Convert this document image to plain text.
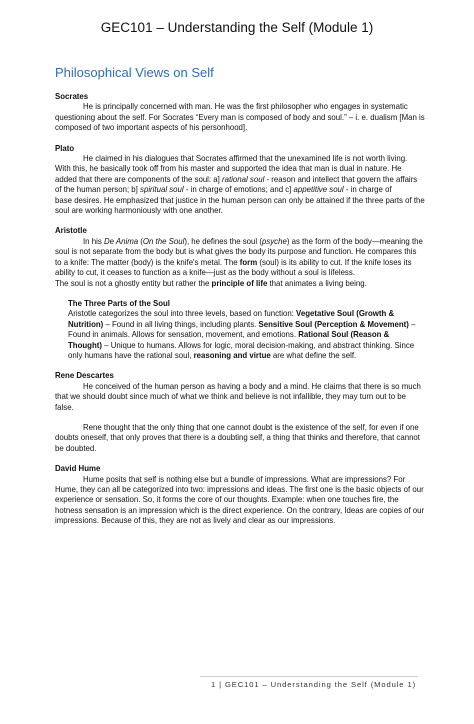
GEC101 – Understanding the Self (Module 1)
Philosophical Views on Self

Socrates

He is principally concerned with man. He was the first philosopher who engages in systematic questioning about the self. For Socrates “Every man is composed of body and soul.” – i. e. dualism [Man is composed of two important aspects of his personhood].

Plato

He claimed in his dialogues that Socrates affirmed that the unexamined life is not worth living. With this, he basically took off from his master and supported the idea that man is dual in nature. He added that there are components of the soul: a] rational soul - reason and intellect that govern the affairs of the human person; b] spiritual soul - in charge of emotions; and c] appetitive soul - in charge of

base desires. He emphasized that justice in the human person can only be attained if the three parts of the soul are working harmoniously with one another.

Aristotle

In his De Anima (On the Soul), he defines the soul (psyche) as the form of the body—meaning the soul is not separate from the body but is what gives the body its purpose and function. He compares this to a knife: The matter (body) is the knife's metal. The form (soul) is its ability to cut. If the knife loses its ability to cut, it ceases to function as a knife—just as the body without a soul is lifeless.

The soul is not a ghostly entity but rather the principle of life that animates a living being.

The Three Parts of the Soul

Aristotle categorizes the soul into three levels, based on function: Vegetative Soul (Growth & Nutrition) – Found in all living things, including plants. Sensitive Soul (Perception & Movement) – Found in animals. Allows for sensation, movement, and emotions. Rational Soul (Reason & Thought) – Unique to humans. Allows for logic, moral decision-making, and abstract thinking. Since only humans have the rational soul, reasoning and virtue are what define the self.

Rene Descartes

He conceived of the human person as having a body and a mind. He claims that there is so much that we should doubt since much of what we think and believe is not infallible, they may turn out to be false.

Rene thought that the only thing that one cannot doubt is the existence of the self, for even if one doubts oneself, that only proves that there is a doubting self, a thing that thinks and therefore, that cannot be doubted.

David Hume

Hume posits that self is nothing else but a bundle of impressions. What are impressions? For Hume, they can all be categorized into two: impressions and ideas. The first one is the basic objects of our experience or sensation. So, it forms the core of our thoughts. Example: when one touches fire, the hotness sensation is an impression which is the direct experience. On the contrary, Ideas are copies of our impressions. Because of this, they are not as lively and clear as our impressions.

1 | GEC101 – Understanding the Self (Module 1)
